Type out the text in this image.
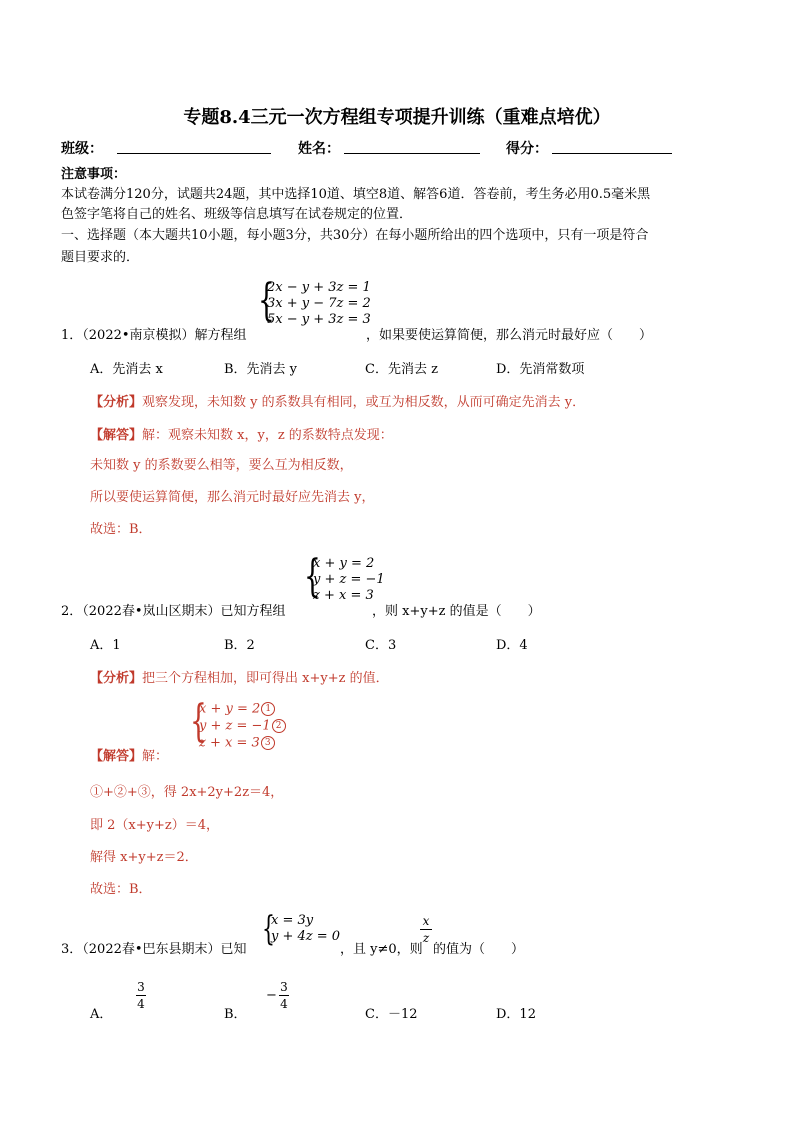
专题8.4三元一次方程组专项提升训练（重难点培优）
班级：	姓名：	得分：
注意事项：
本试卷满分120分，试题共24题，其中选择10道、填空8道、解答6道．答卷前，考生务必用0.5毫米黑
色签字笔将自己的姓名、班级等信息填写在试卷规定的位置．
一、选择题（本大题共10小题，每小题3分，共30分）在每小题所给出的四个选项中，只有一项是符合
题目要求的．
{
2x − y + 3z = 1
3x + y − 7z = 2
5x − y + 3z = 3
1．（2022•南京模拟）解方程组	，如果要使运算简便，那么消元时最好应（　　）
A．先消去 x	B．先消去 y	C．先消去 z	D．先消常数项
【分析】观察发现，未知数 y 的系数具有相同，或互为相反数，从而可确定先消去 y．
【解答】解：观察未知数 x，y，z 的系数特点发现：
未知数 y 的系数要么相等，要么互为相反数，
所以要使运算简便，那么消元时最好应先消去 y，
故选：B．
{
x + y = 2
y + z = −1
z + x = 3
2．（2022春•岚山区期末）已知方程组	，则 x+y+z 的值是（　　）
A．1	B．2	C．3	D．4
【分析】把三个方程相加，即可得出 x+y+z 的值．
{
x + y = 2 1
y + z = −1 2
z + x = 3 3
【解答】解：
①+②+③，得 2x+2y+2z＝4，
即 2（x+y+z）＝4，
解得 x+y+z＝2．
故选：B．
{
x = 3y
y + 4z = 0
3．（2022春•巴东县期末）已知	，且 y≠0，则
x
z
的值为（　　）
A．
3
4
B．
−
3
4
C．－12	D．12
